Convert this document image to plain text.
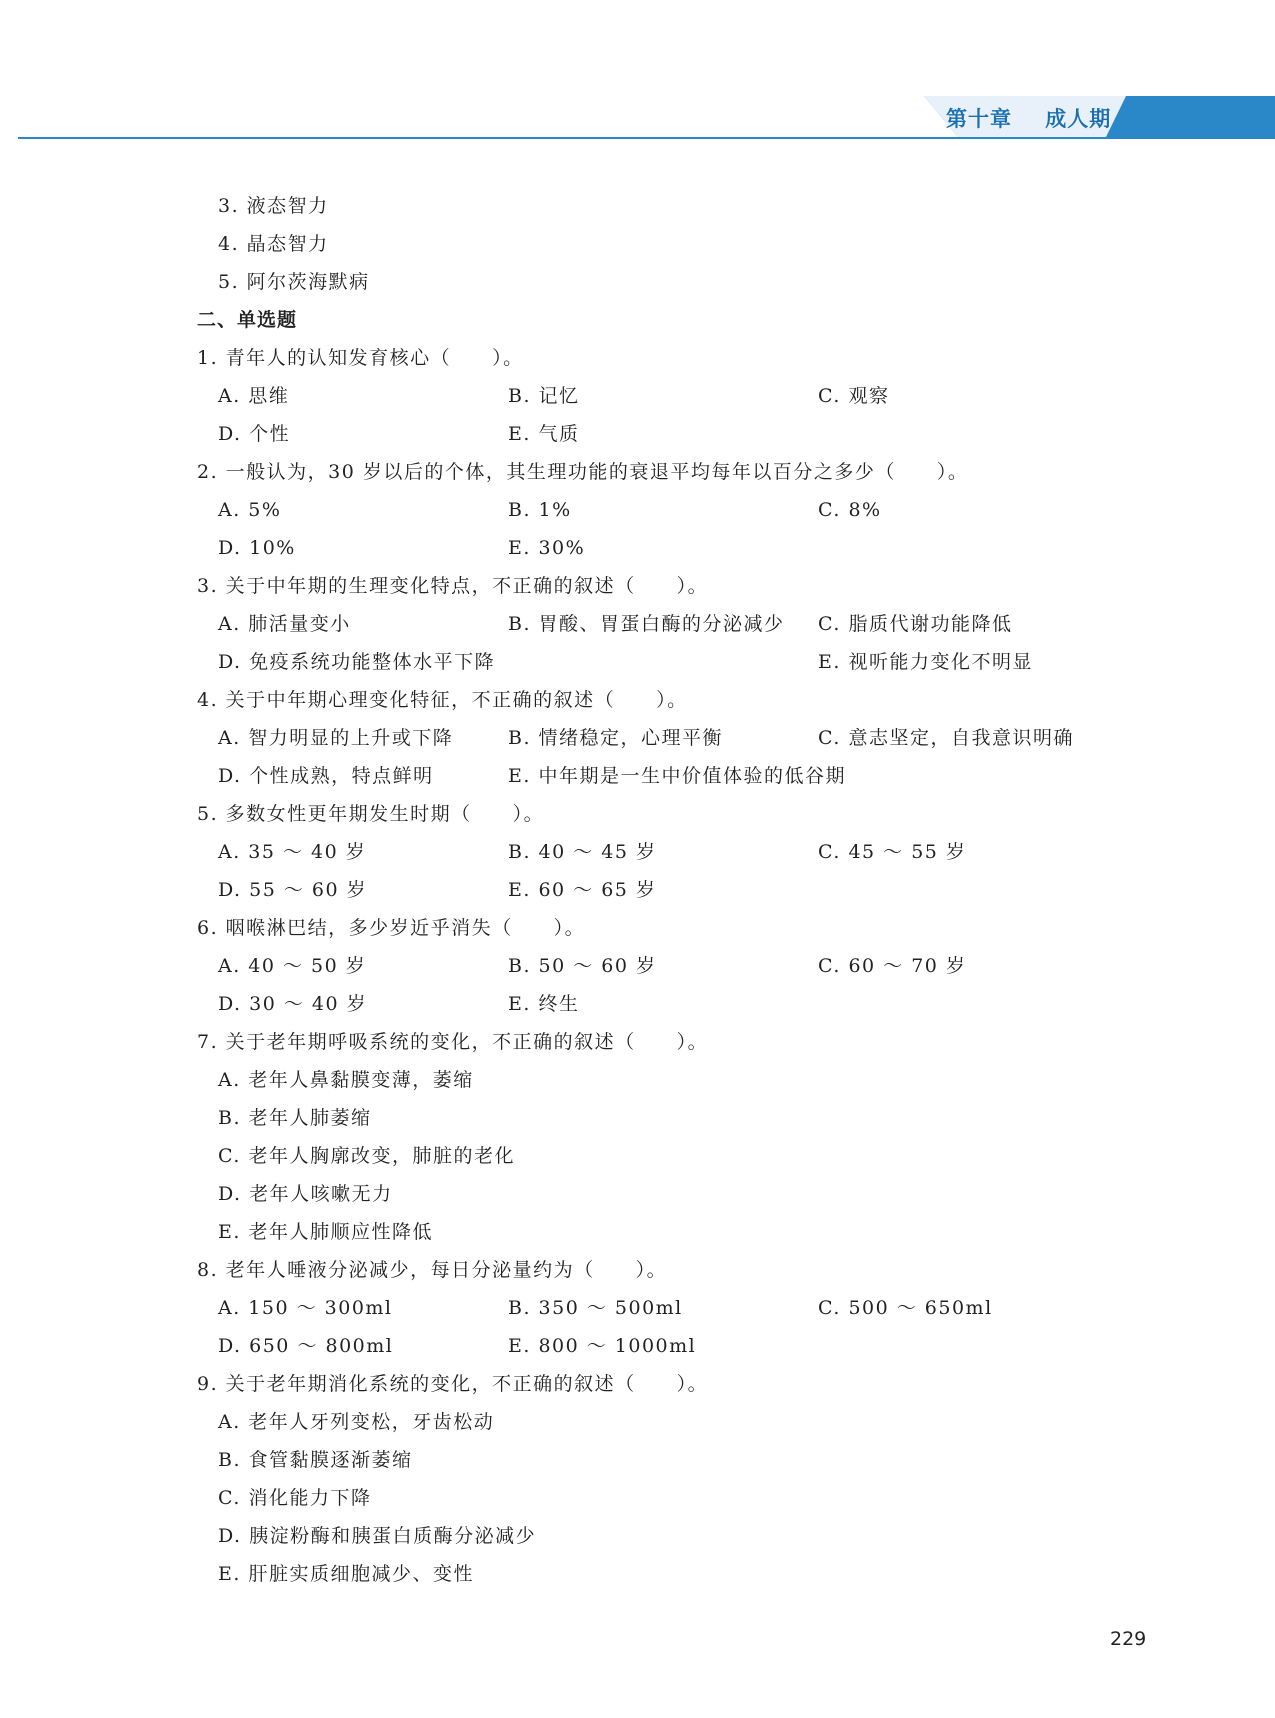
第十章    成人期
3. 液态智力
4. 晶态智力
5. 阿尔茨海默病
二、单选题
1. 青年人的认知发育核心（　　）。
A. 思维	B. 记忆	C. 观察
D. 个性	E. 气质
2. 一般认为，30 岁以后的个体，其生理功能的衰退平均每年以百分之多少（　　）。
A. 5%	B. 1%	C. 8%
D. 10%	E. 30%
3. 关于中年期的生理变化特点，不正确的叙述（　　）。
A. 肺活量变小	B. 胃酸、胃蛋白酶的分泌减少 C. 脂质代谢功能降低
D. 免疫系统功能整体水平下降	E. 视听能力变化不明显
4. 关于中年期心理变化特征，不正确的叙述（　　）。
A. 智力明显的上升或下降	B. 情绪稳定，心理平衡	C. 意志坚定，自我意识明确
D. 个性成熟，特点鲜明	E. 中年期是一生中价值体验的低谷期
5. 多数女性更年期发生时期（　　）。
A. 35 ～ 40 岁	B. 40 ～ 45 岁	C. 45 ～ 55 岁
D. 55 ～ 60 岁	E. 60 ～ 65 岁
6. 咽喉淋巴结，多少岁近乎消失（　　）。
A. 40 ～ 50 岁	B. 50 ～ 60 岁	C. 60 ～ 70 岁
D. 30 ～ 40 岁	E. 终生
7. 关于老年期呼吸系统的变化，不正确的叙述（　　）。
A. 老年人鼻黏膜变薄，萎缩
B. 老年人肺萎缩
C. 老年人胸廓改变，肺脏的老化
D. 老年人咳嗽无力
E. 老年人肺顺应性降低
8. 老年人唾液分泌减少，每日分泌量约为（　　）。
A. 150 ～ 300ml	B. 350 ～ 500ml	C. 500 ～ 650ml
D. 650 ～ 800ml	E. 800 ～ 1000ml
9. 关于老年期消化系统的变化，不正确的叙述（　　）。
A. 老年人牙列变松，牙齿松动
B. 食管黏膜逐渐萎缩
C. 消化能力下降
D. 胰淀粉酶和胰蛋白质酶分泌减少
E. 肝脏实质细胞减少、变性
229
